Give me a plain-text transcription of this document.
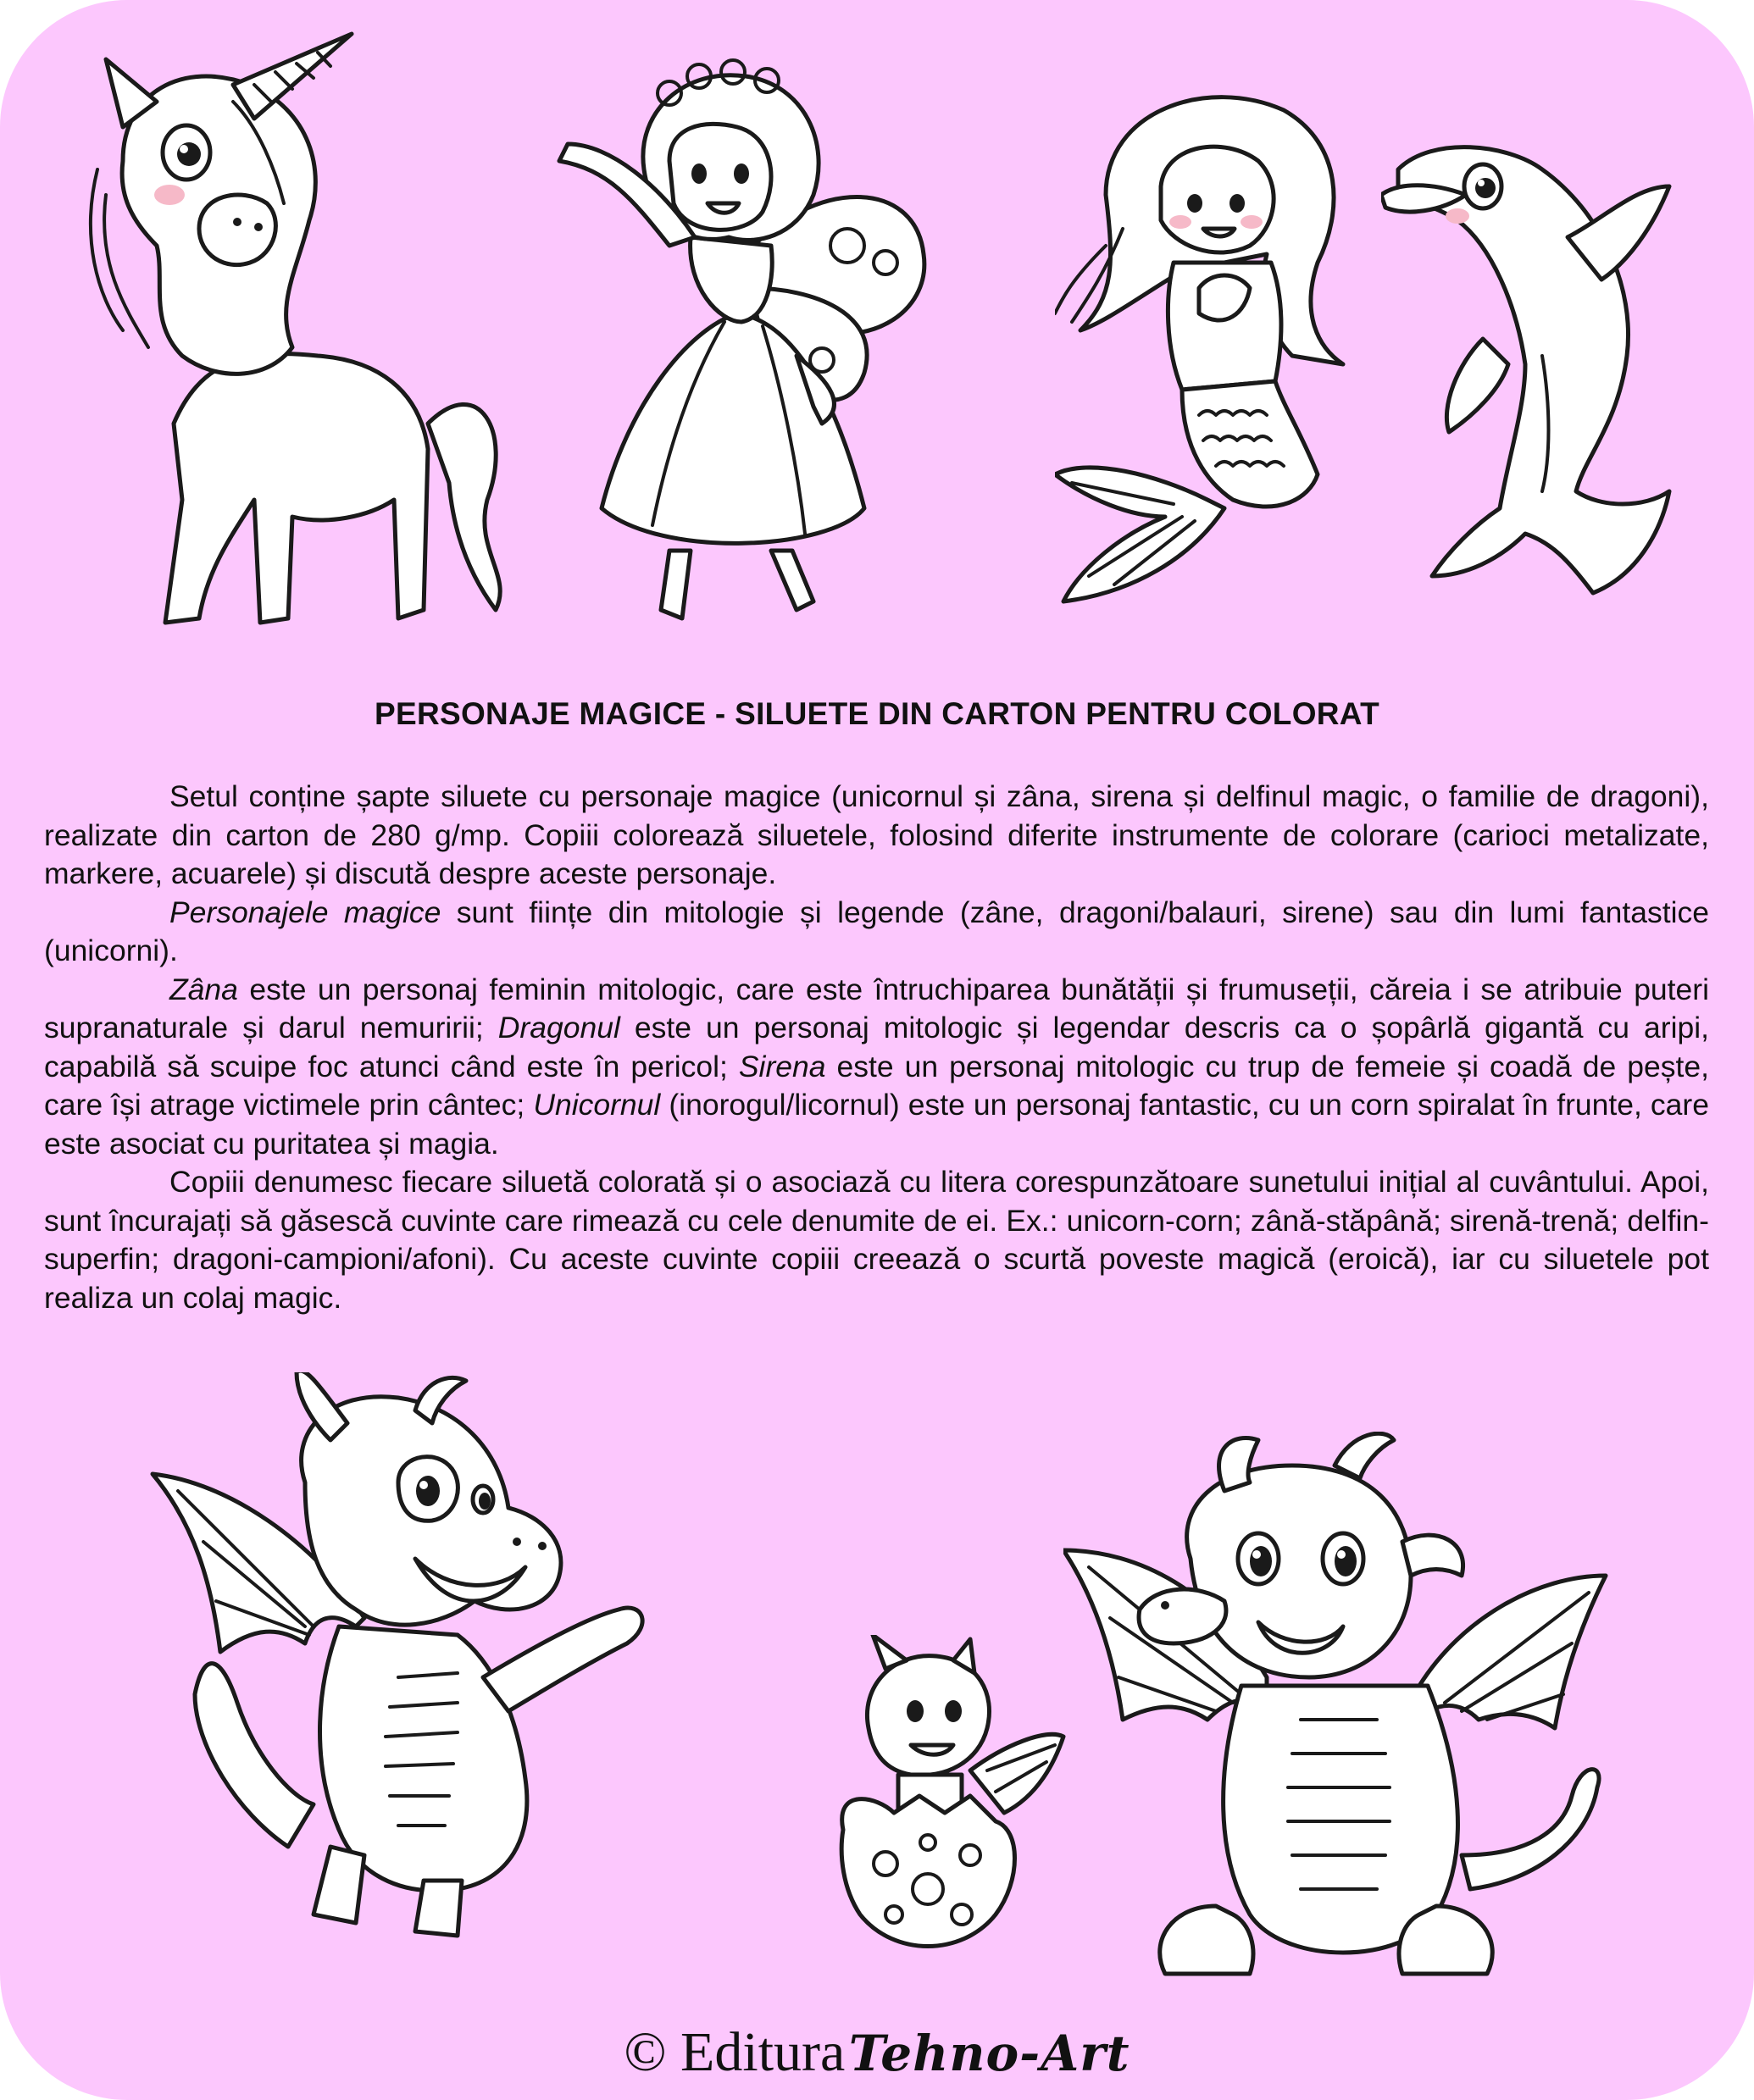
PERSONAJE MAGICE - SILUETE DIN CARTON PENTRU COLORAT

Setul conține șapte siluete cu personaje magice (unicornul și zâna, sirena și delfinul magic, o familie de dragoni), realizate din carton de 280 g/mp. Copiii colorează siluetele, folosind diferite instrumente de colorare (carioci metalizate, markere, acuarele) și discută despre aceste personaje.

Personajele magice sunt ființe din mitologie și legende (zâne, dragoni/balauri, sirene) sau din lumi fantastice (unicorni).

Zâna este un personaj feminin mitologic, care este întruchiparea bunătății și frumuseții, căreia i se atribuie puteri supranaturale și darul nemuririi; Dragonul este un personaj mitologic și legendar descris ca o șopârlă gigantă cu aripi, capabilă să scuipe foc atunci când este în pericol; Sirena este un personaj mitologic cu trup de femeie și coadă de pește, care își atrage victimele prin cântec; Unicornul (inorogul/licornul) este un personaj fantastic, cu un corn spiralat în frunte, care este asociat cu puritatea și magia.

Copiii denumesc fiecare siluetă colorată și o asociază cu litera corespunzătoare sunetului inițial al cuvântului. Apoi, sunt încurajați să găsescă cuvinte care rimează cu cele denumite de ei. Ex.: unicorn-corn; zână-stăpână; sirenă-trenă; delfin-superfin; dragoni-campioni/afoni). Cu aceste cuvinte copiii creează o scurtă poveste magică (eroică), iar cu siluetele pot realiza un colaj magic.

© Editura Tehno-Art
